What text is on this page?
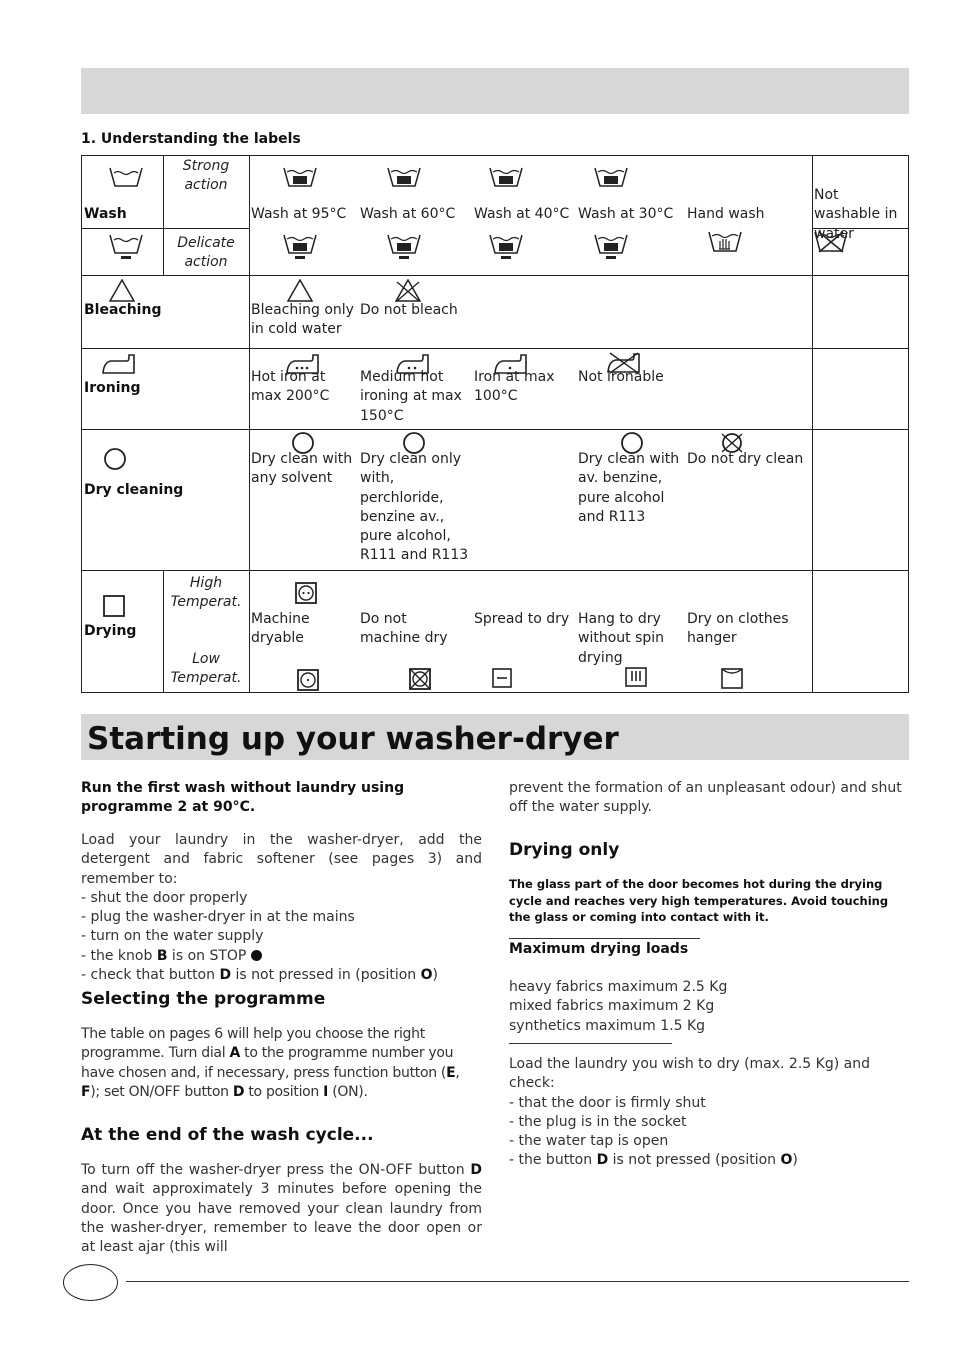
1. Understanding the labels
Wash
Strong action
Delicate action
Wash at 95°C Wash at 60°C Wash at 40°C Wash at 30°C Hand wash
Not washable in water
Bleaching	Bleaching only in cold water
Do not bleach
Ironing
Hot iron at max 200°C
Medium hot ironing at max 150°C
Iron at max 100°C
Not ironable
Dry cleaning
Dry clean with any solvent
Dry clean only with, perchloride, benzine av., pure alcohol, R111 and R113
Dry clean with av. benzine, pure alcohol and R113
Do not dry clean
Drying
High Temperat.
Low Temperat.
Machine dryable
Do not machine dry
Spread to dry Hang to dry without spin drying
Dry on clothes hanger
Starting up your washer-dryer
Run the first wash without laundry using programme 2 at 90°C.

Load your laundry in the washer-dryer, add the detergent and fabric softener (see pages 3) and remember to:

- shut the door properly

- plug the washer-dryer in at the mains

- turn on the water supply

- the knob B is on STOP

- check that button D is not pressed in (position O)

Selecting the programme
The table on pages 6 will help you choose the right programme. Turn dial A to the programme number you have chosen and, if necessary, press function button (E, F); set ON/OFF button D to position I (ON).
At the end of the wash cycle...
To turn off the washer-dryer press the ON-OFF button D and wait approximately 3 minutes before opening the door. Once you have removed your clean laundry from the washer-dryer, remember to leave the door open or at least ajar (this will
prevent the formation of an unpleasant odour) and shut off the water supply.
Drying only
The glass part of the door becomes hot during the drying cycle and reaches very high temperatures. Avoid touching the glass or coming into contact with it.
Maximum drying loads

heavy fabrics maximum 2.5 Kg

mixed fabrics maximum 2 Kg

synthetics maximum 1.5 Kg

Load the laundry you wish to dry (max. 2.5 Kg) and check:

- that the door is firmly shut

- the plug is in the socket

- the water tap is open

- the button D is not pressed (position O)
